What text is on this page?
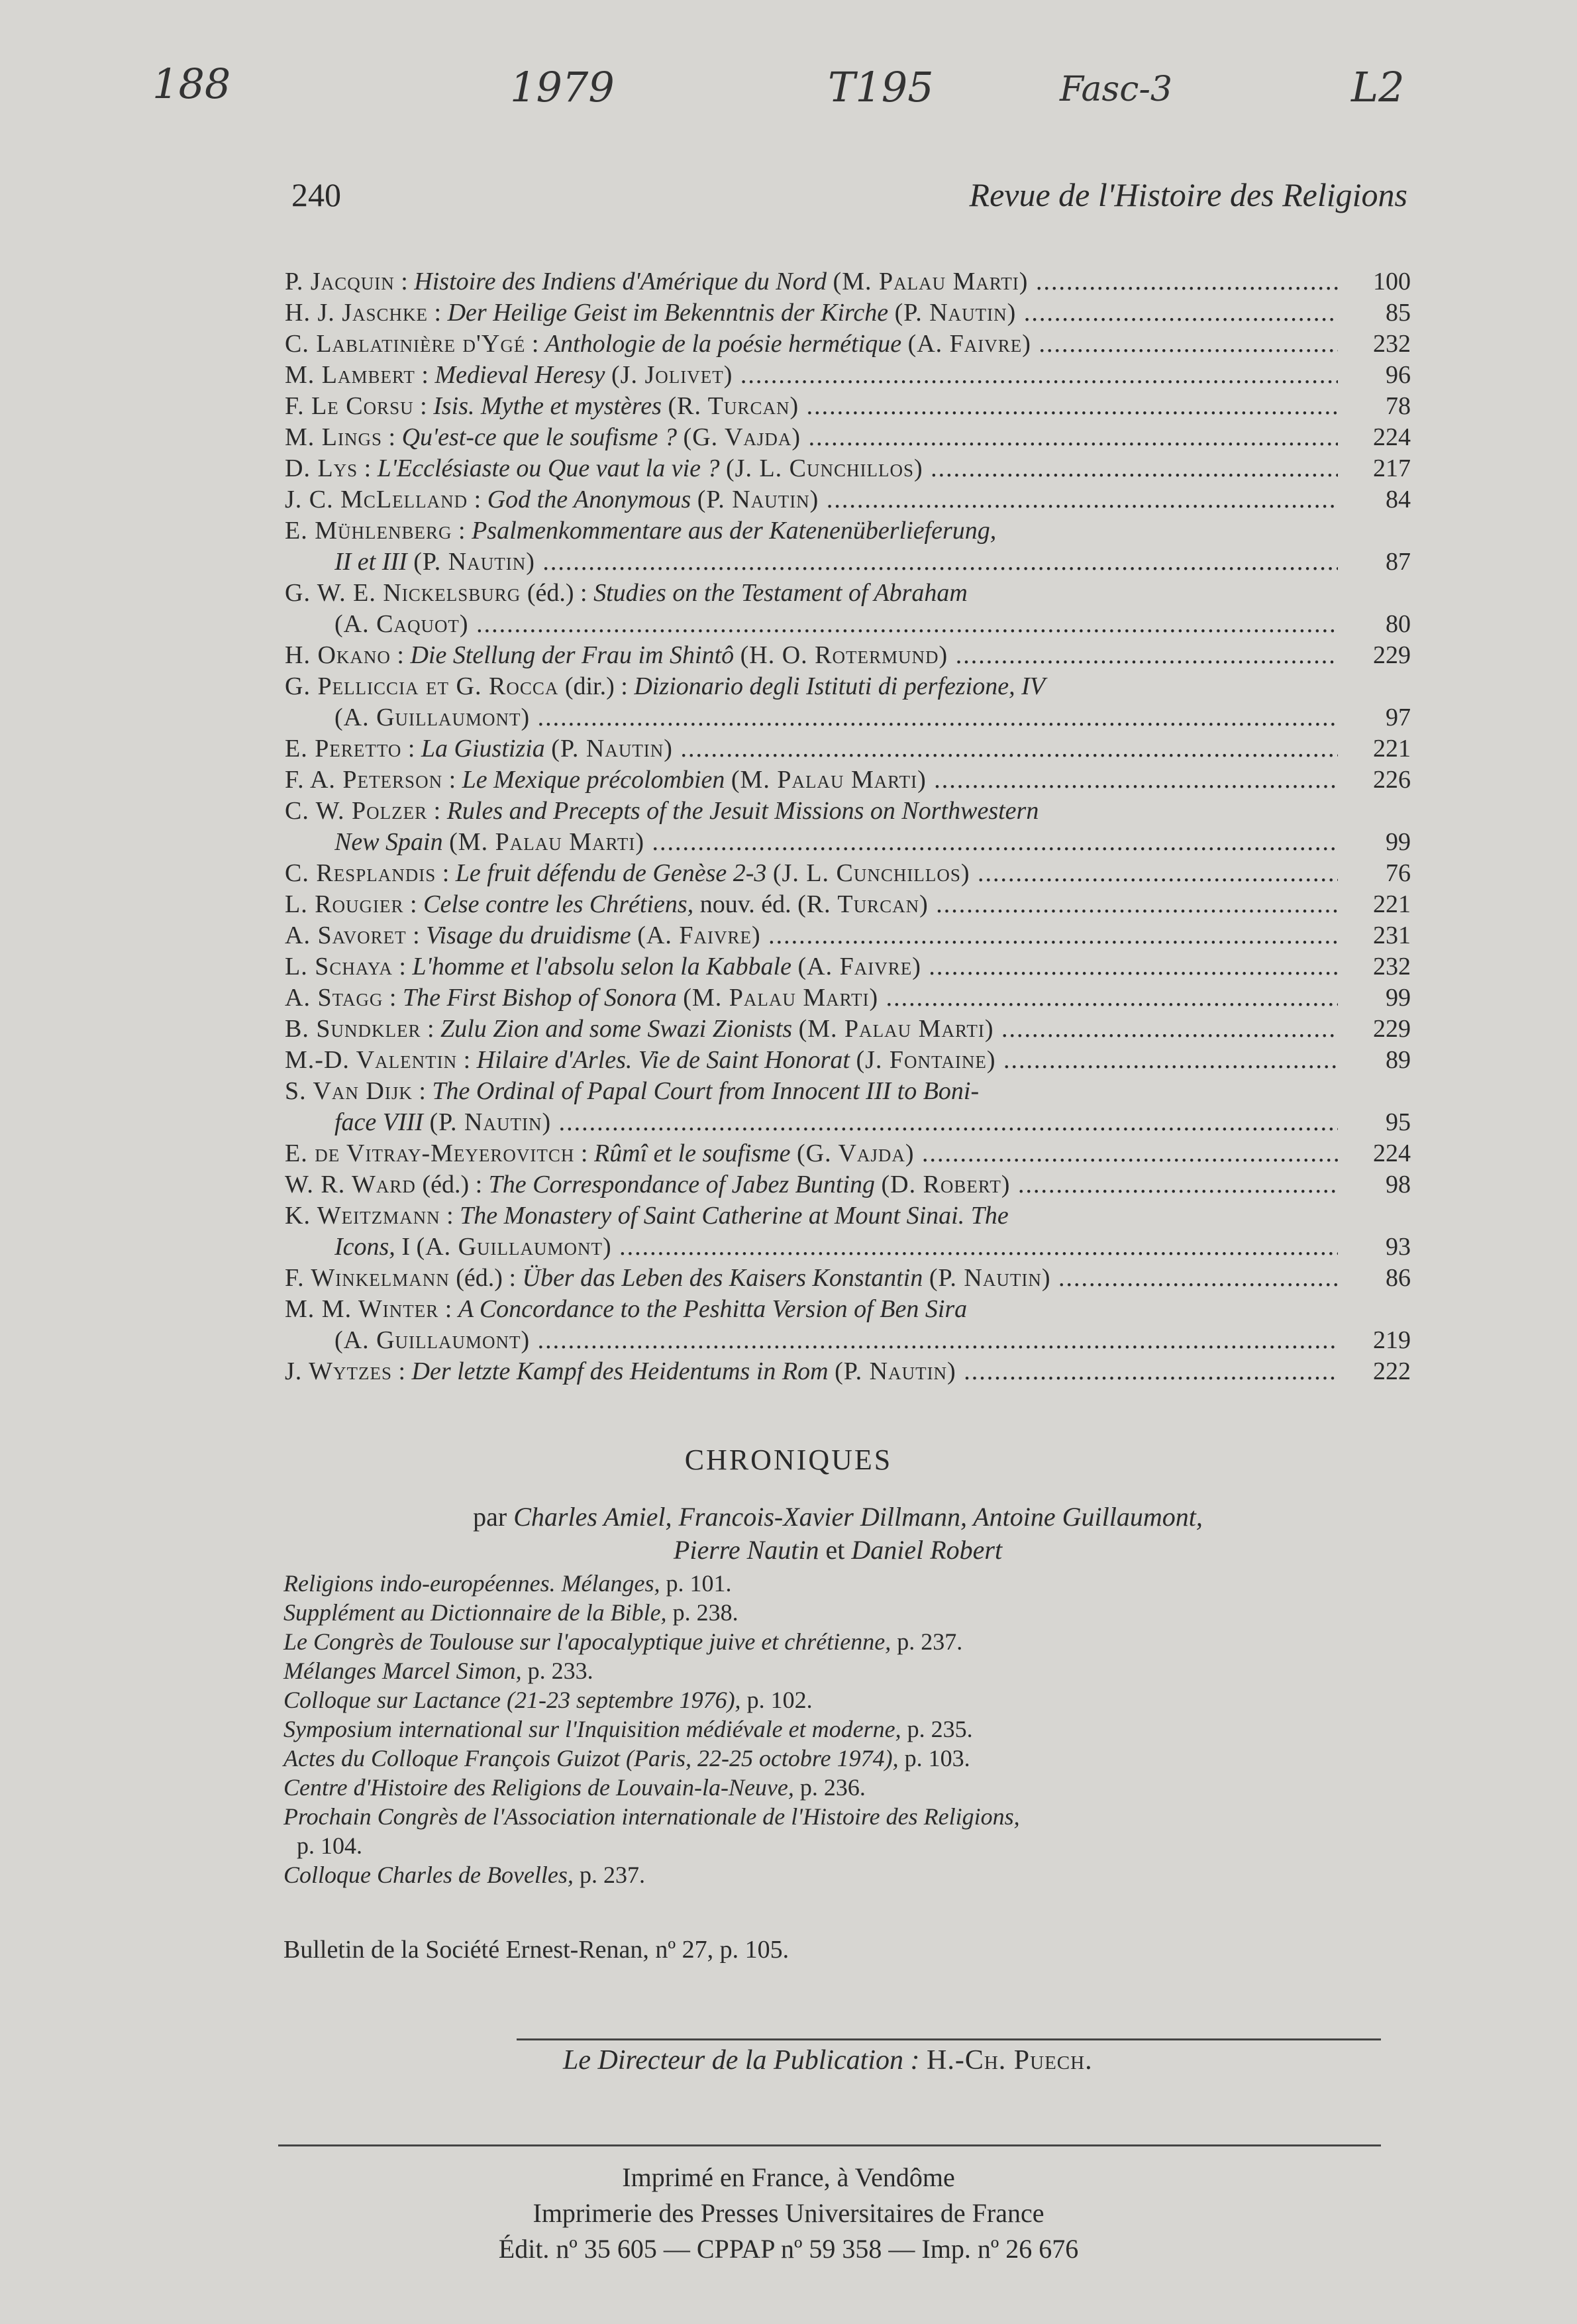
188	1979	T195	Fasc-3	L2
240	Revue de l'Histoire des Religions
P. Jacquin : Histoire des Indiens d'Amérique du Nord (M. Palau Marti) .....	100
H. J. Jaschke : Der Heilige Geist im Bekenntnis der Kirche (P. Nautin) .....	85
C. Lablatinière d'Ygé : Anthologie de la poésie hermétique (A. Faivre) .....	232
M. Lambert : Medieval Heresy (J. Jolivet) .....	96
F. Le Corsu : Isis. Mythe et mystères (R. Turcan) .....	78
M. Lings : Qu'est-ce que le soufisme ? (G. Vajda) .....	224
D. Lys : L'Ecclésiaste ou Que vaut la vie ? (J. L. Cunchillos) .....	217
J. C. McLelland : God the Anonymous (P. Nautin) .....	84
E. Mühlenberg : Psalmenkommentare aus der Katenenüberlieferung,
II et III (P. Nautin) .....	87
G. W. E. Nickelsburg (éd.) : Studies on the Testament of Abraham
(A. Caquot) .....	80
H. Okano : Die Stellung der Frau im Shintô (H. O. Rotermund) .....	229
G. Pelliccia et G. Rocca (dir.) : Dizionario degli Istituti di perfezione, IV
(A. Guillaumont) .....	97
E. Peretto : La Giustizia (P. Nautin) .....	221
F. A. Peterson : Le Mexique précolombien (M. Palau Marti) .....	226
C. W. Polzer : Rules and Precepts of the Jesuit Missions on Northwestern
New Spain (M. Palau Marti) .....	99
C. Resplandis : Le fruit défendu de Genèse 2-3 (J. L. Cunchillos) .....	76
L. Rougier : Celse contre les Chrétiens, nouv. éd. (R. Turcan) .....	221
A. Savoret : Visage du druidisme (A. Faivre) .....	231
L. Schaya : L'homme et l'absolu selon la Kabbale (A. Faivre) .....	232
A. Stagg : The First Bishop of Sonora (M. Palau Marti) .....	99
B. Sundkler : Zulu Zion and some Swazi Zionists (M. Palau Marti) .....	229
M.-D. Valentin : Hilaire d'Arles. Vie de Saint Honorat (J. Fontaine) .....	89
S. Van Dijk : The Ordinal of Papal Court from Innocent III to Boni-
face VIII (P. Nautin) .....	95
E. de Vitray-Meyerovitch : Rûmî et le soufisme (G. Vajda) .....	224
W. R. Ward (éd.) : The Correspondance of Jabez Bunting (D. Robert) .....	98
K. Weitzmann : The Monastery of Saint Catherine at Mount Sinai. The
Icons, I (A. Guillaumont) .....	93
F. Winkelmann (éd.) : Über das Leben des Kaisers Konstantin (P. Nautin) .....	86
M. M. Winter : A Concordance to the Peshitta Version of Ben Sira
(A. Guillaumont) .....	219
J. Wytzes : Der letzte Kampf des Heidentums in Rom (P. Nautin) .....	222
CHRONIQUES
par Charles Amiel, Francois-Xavier Dillmann, Antoine Guillaumont,
Pierre Nautin et Daniel Robert
Religions indo-européennes. Mélanges, p. 101.
Supplément au Dictionnaire de la Bible, p. 238.
Le Congrès de Toulouse sur l'apocalyptique juive et chrétienne, p. 237.
Mélanges Marcel Simon, p. 233.
Colloque sur Lactance (21-23 septembre 1976), p. 102.
Symposium international sur l'Inquisition médiévale et moderne, p. 235.
Actes du Colloque François Guizot (Paris, 22-25 octobre 1974), p. 103.
Centre d'Histoire des Religions de Louvain-la-Neuve, p. 236.
Prochain Congrès de l'Association internationale de l'Histoire des Religions,
p. 104.
Colloque Charles de Bovelles, p. 237.
Bulletin de la Société Ernest-Renan, nº 27, p. 105.
Le Directeur de la Publication : H.-Ch. Puech.
Imprimé en France, à Vendôme
Imprimerie des Presses Universitaires de France
Édit. nº 35 605 — CPPAP nº 59 358 — Imp. nº 26 676
